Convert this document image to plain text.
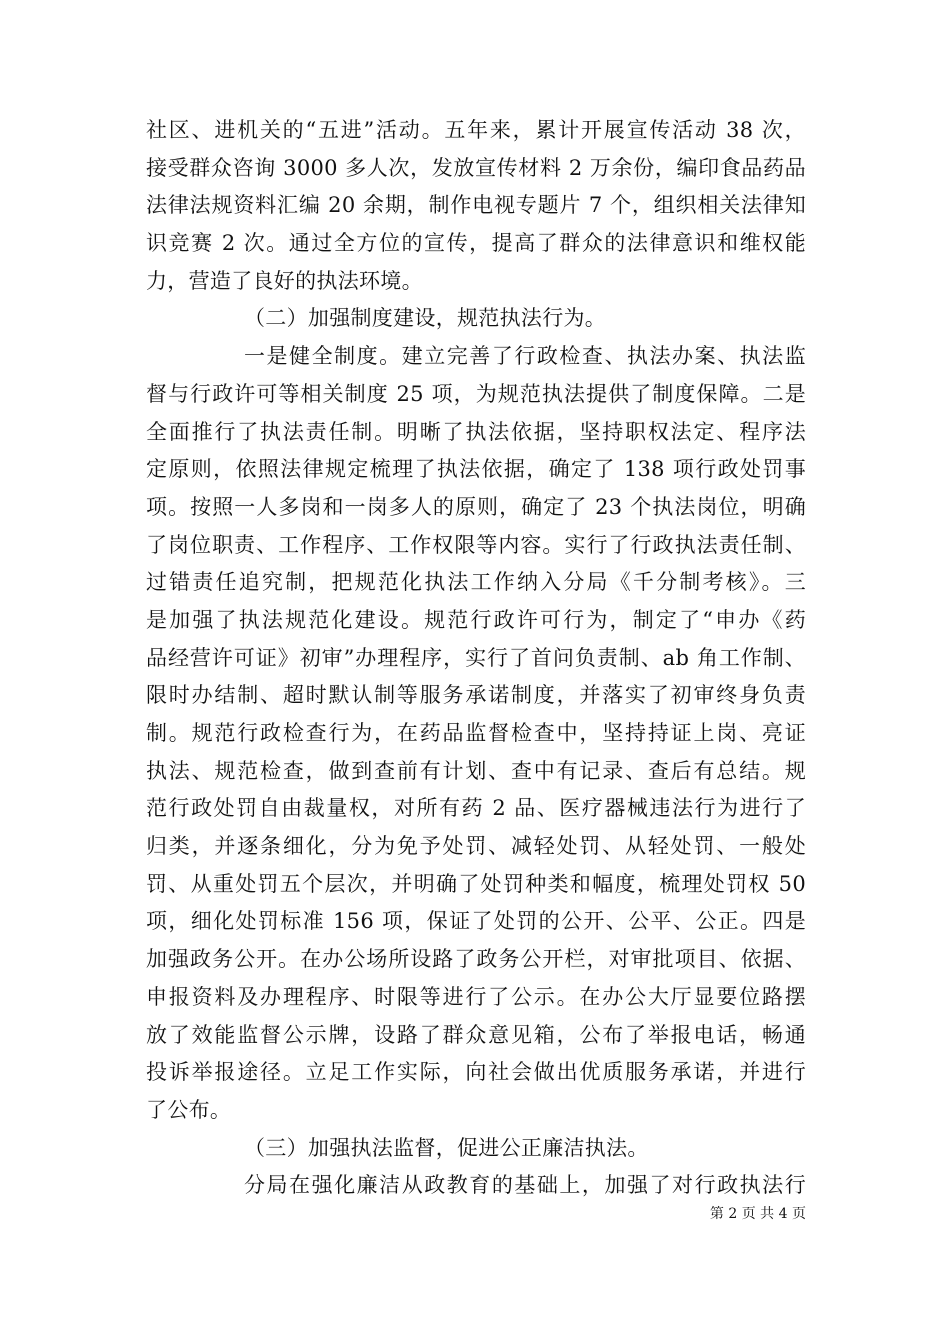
社区、进机关的“五进”活动。五年来，累计开展宣传活动 38 次，
接受群众咨询 3000 多人次，发放宣传材料 2 万余份，编印食品药品
法律法规资料汇编 20 余期，制作电视专题片 7 个，组织相关法律知
识竞赛 2 次。通过全方位的宣传，提高了群众的法律意识和维权能
力，营造了良好的执法环境。
（二）加强制度建设，规范执法行为。
一是健全制度。建立完善了行政检查、执法办案、执法监
督与行政许可等相关制度 25 项，为规范执法提供了制度保障。二是
全面推行了执法责任制。明晰了执法依据，坚持职权法定、程序法
定原则，依照法律规定梳理了执法依据，确定了 138 项行政处罚事
项。按照一人多岗和一岗多人的原则，确定了 23 个执法岗位，明确
了岗位职责、工作程序、工作权限等内容。实行了行政执法责任制、
过错责任追究制，把规范化执法工作纳入分局《千分制考核》。三
是加强了执法规范化建设。规范行政许可行为，制定了“申办《药
品经营许可证》初审”办理程序，实行了首问负责制、ab 角工作制、
限时办结制、超时默认制等服务承诺制度，并落实了初审终身负责
制。规范行政检查行为，在药品监督检查中，坚持持证上岗、亮证
执法、规范检查，做到查前有计划、查中有记录、查后有总结。规
范行政处罚自由裁量权，对所有药 2 品、医疗器械违法行为进行了
归类，并逐条细化，分为免予处罚、减轻处罚、从轻处罚、一般处
罚、从重处罚五个层次，并明确了处罚种类和幅度，梳理处罚权 50
项，细化处罚标准 156 项，保证了处罚的公开、公平、公正。四是
加强政务公开。在办公场所设路了政务公开栏，对审批项目、依据、
申报资料及办理程序、时限等进行了公示。在办公大厅显要位路摆
放了效能监督公示牌，设路了群众意见箱，公布了举报电话，畅通
投诉举报途径。立足工作实际，向社会做出优质服务承诺，并进行
了公布。
（三）加强执法监督，促进公正廉洁执法。
分局在强化廉洁从政教育的基础上，加强了对行政执法行
第 2 页 共 4 页
